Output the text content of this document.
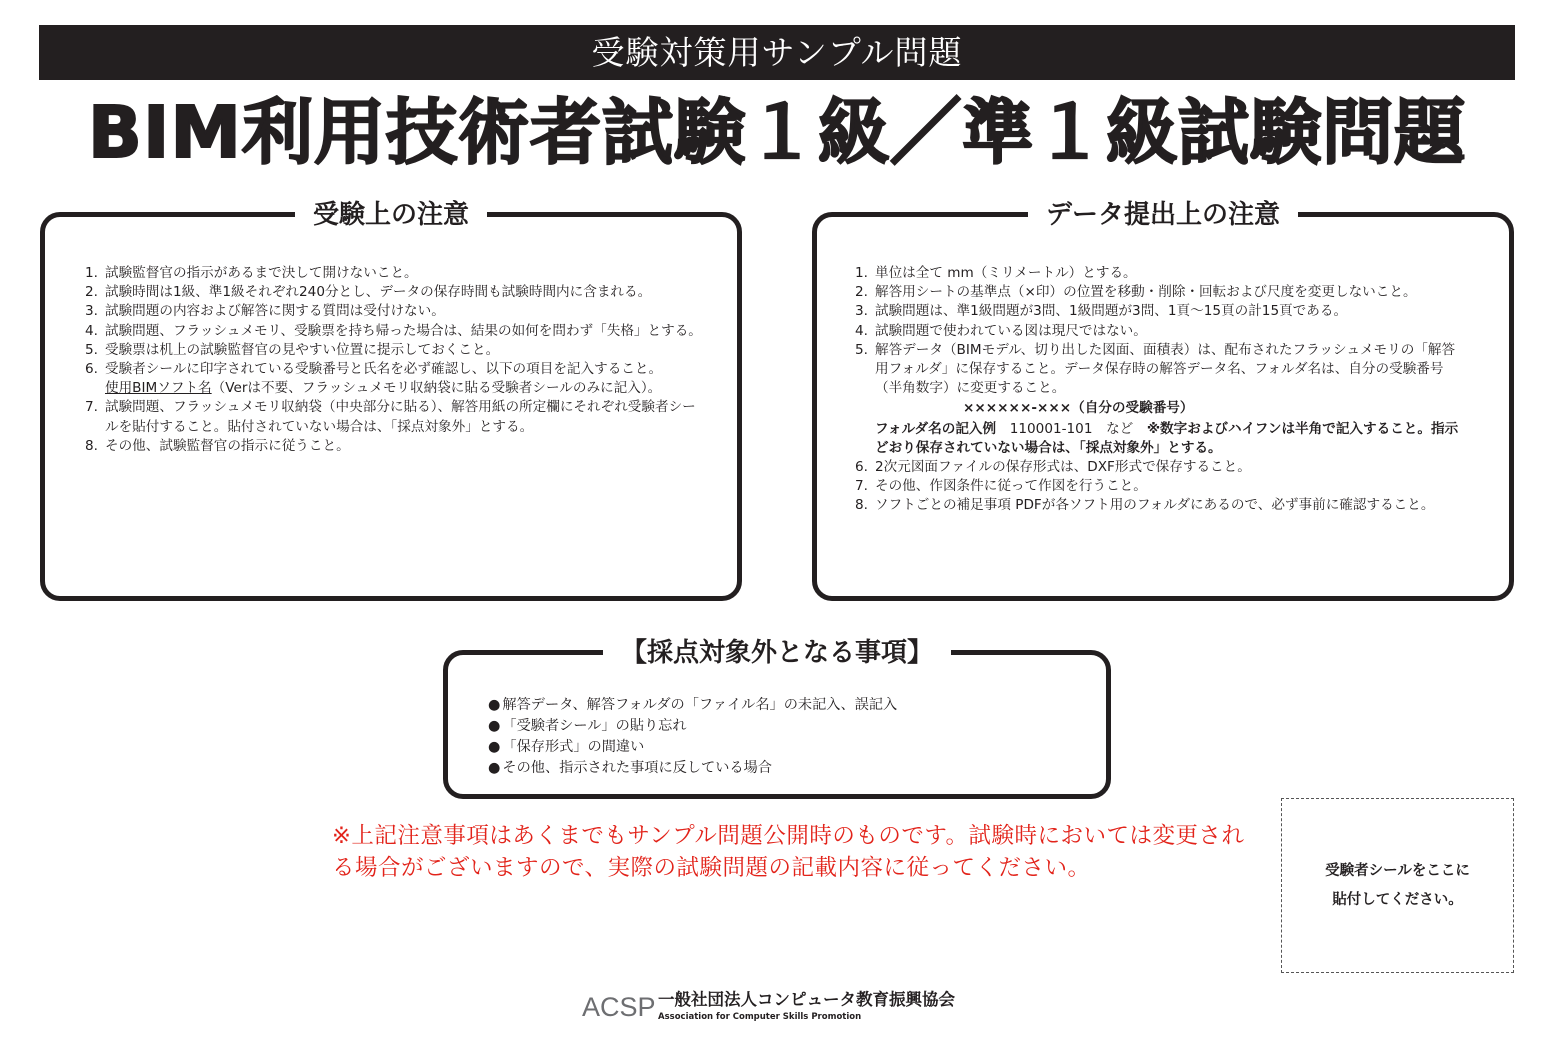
受験対策用サンプル問題
BIM利用技術者試験１級／準１級試験問題
受験上の注意
1. 試験監督官の指示があるまで決して開けないこと。
2. 試験時間は1級、準1級それぞれ240分とし、データの保存時間も試験時間内に含まれる。
3. 試験問題の内容および解答に関する質問は受付けない。
4. 試験問題、フラッシュメモリ、受験票を持ち帰った場合は、結果の如何を問わず「失格」とする。
5. 受験票は机上の試験監督官の見やすい位置に提示しておくこと。
6. 受験者シールに印字されている受験番号と氏名を必ず確認し、以下の項目を記入すること。
使用BIMソフト名（Verは不要、フラッシュメモリ収納袋に貼る受験者シールのみに記入）。
7. 試験問題、フラッシュメモリ収納袋（中央部分に貼る）、解答用紙の所定欄にそれぞれ受験者シールを貼付すること。貼付されていない場合は、「採点対象外」とする。
8. その他、試験監督官の指示に従うこと。
データ提出上の注意
1. 単位は全て mm（ミリメートル）とする。
2. 解答用シートの基準点（×印）の位置を移動・削除・回転および尺度を変更しないこと。
3. 試験問題は、準1級問題が3問、1級問題が3問、1頁〜15頁の計15頁である。
4. 試験問題で使われている図は現尺ではない。
5. 解答データ（BIMモデル、切り出した図面、面積表）は、配布されたフラッシュメモリの「解答用フォルダ」に保存すること。データ保存時の解答データ名、フォルダ名は、自分の受験番号（半角数字）に変更すること。
××××××-×××（自分の受験番号）
フォルダ名の記入例　 110001-101　 など　 ※数字およびハイフンは半角で記入すること。指示どおり保存されていない場合は、「採点対象外」とする。
6. 2次元図面ファイルの保存形式は、DXF形式で保存すること。
7. その他、作図条件に従って作図を行うこと。
8. ソフトごとの補足事項 PDFが各ソフト用のフォルダにあるので、必ず事前に確認すること。
【採点対象外となる事項】
● 解答データ、解答フォルダの「ファイル名」の未記入、誤記入
● 「受験者シール」の貼り忘れ
● 「保存形式」の間違い
● その他、指示された事項に反している場合
※上記注意事項はあくまでもサンプル問題公開時のものです。試験時においては変更される場合がございますので、実際の試験問題の記載内容に従ってください。	受験者シールをここに
貼付してください。
ACSP 一般社団法人コンピュータ教育振興協会
Association for Computer Skills Promotion
